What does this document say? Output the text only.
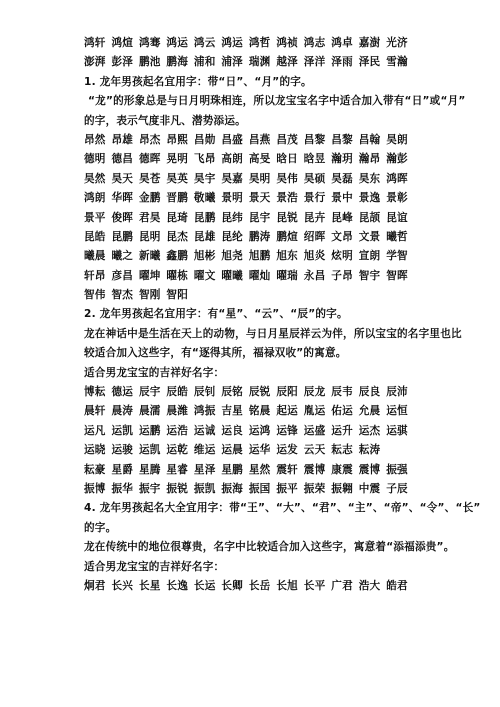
鸿轩 鸿煊 鸿骞 鸿运 鸿云 鸿运 鸿哲 鸿祯 鸿志 鸿卓 嘉澍 光济
澎湃 彭泽 鹏池 鹏海 浦和 浦泽 瑞渊 越泽 泽洋 泽雨 泽民 雪瀚
1. 龙年男孩起名宜用字：带“日”、“月”的字。
“龙”的形象总是与日月明珠相连，所以龙宝宝名字中适合加入带有“日”或“月”
的字，表示气度非凡、潜势添运。
昂然 昂雄 昂杰 昂熙 昌勋 昌盛 昌燕 昌茂 昌黎 昌黎 昌翰 昊朗
德明 德昌 德晖 晃明 飞昂 高朗 高旻 晗日 晗昱 瀚玥 瀚昂 瀚彭
昊然 昊天 昊苍 昊英 昊宇 昊嘉 昊明 昊伟 昊硕 昊磊 昊东 鸿晖
鸿朗 华晖 金鹏 晋鹏 敬曦 景明 景天 景浩 景行 景中 景逸 景彰
景平 俊晖 君昊 昆琦 昆鹏 昆纬 昆宇 昆锐 昆卉 昆峰 昆颉 昆谊
昆皓 昆鹏 昆明 昆杰 昆雄 昆纶 鹏涛 鹏煊 绍晖 文昂 文景 曦哲
曦晨 曦之 新曦 鑫鹏 旭彬 旭尧 旭鹏 旭东 旭炎 炫明 宣朗 学智
轩昂 彦昌 曜坤 曜栋 曜文 曜曦 曜灿 曜瑞 永昌 子昂 智宇 智晖
智伟 智杰 智刚 智阳
2. 龙年男孩起名宜用字：有“星”、“云”、“辰”的字。
龙在神话中是生活在天上的动物，与日月星辰祥云为伴，所以宝宝的名字里也比
较适合加入这些字，有“逐得其所，福禄双收”的寓意。
适合男龙宝宝的吉祥好名字：
博耘 德运 辰宇 辰皓 辰钊 辰铭 辰锐 辰阳 辰龙 辰韦 辰良 辰沛
晨轩 晨涛 晨濡 晨潍 鸿振 吉星 铭晨 起运 胤运 佑运 允晨 运恒
运凡 运凯 运鹏 运浩 运诚 运良 运鸿 运锋 运盛 运升 运杰 运骐
运晓 运骏 运凯 运乾 维运 运晨 运华 运发 云天 耘志 耘涛
耘豪 星爵 星腾 星睿 星泽 星鹏 星然 震轩 震博 康震 震博 振强
振博 振华 振宇 振锐 振凯 振海 振国 振平 振荣 振翱 中震 子辰
4. 龙年男孩起名大全宜用字：带“王”、“大”、“君”、“主”、“帝”、“令”、“长”
的字。
龙在传统中的地位很尊贵，名字中比较适合加入这些字，寓意着“添福添贵”。
适合男龙宝宝的吉祥好名字：
炯君 长兴 长星 长逸 长运 长卿 长岳 长旭 长平 广君 浩大 皓君
